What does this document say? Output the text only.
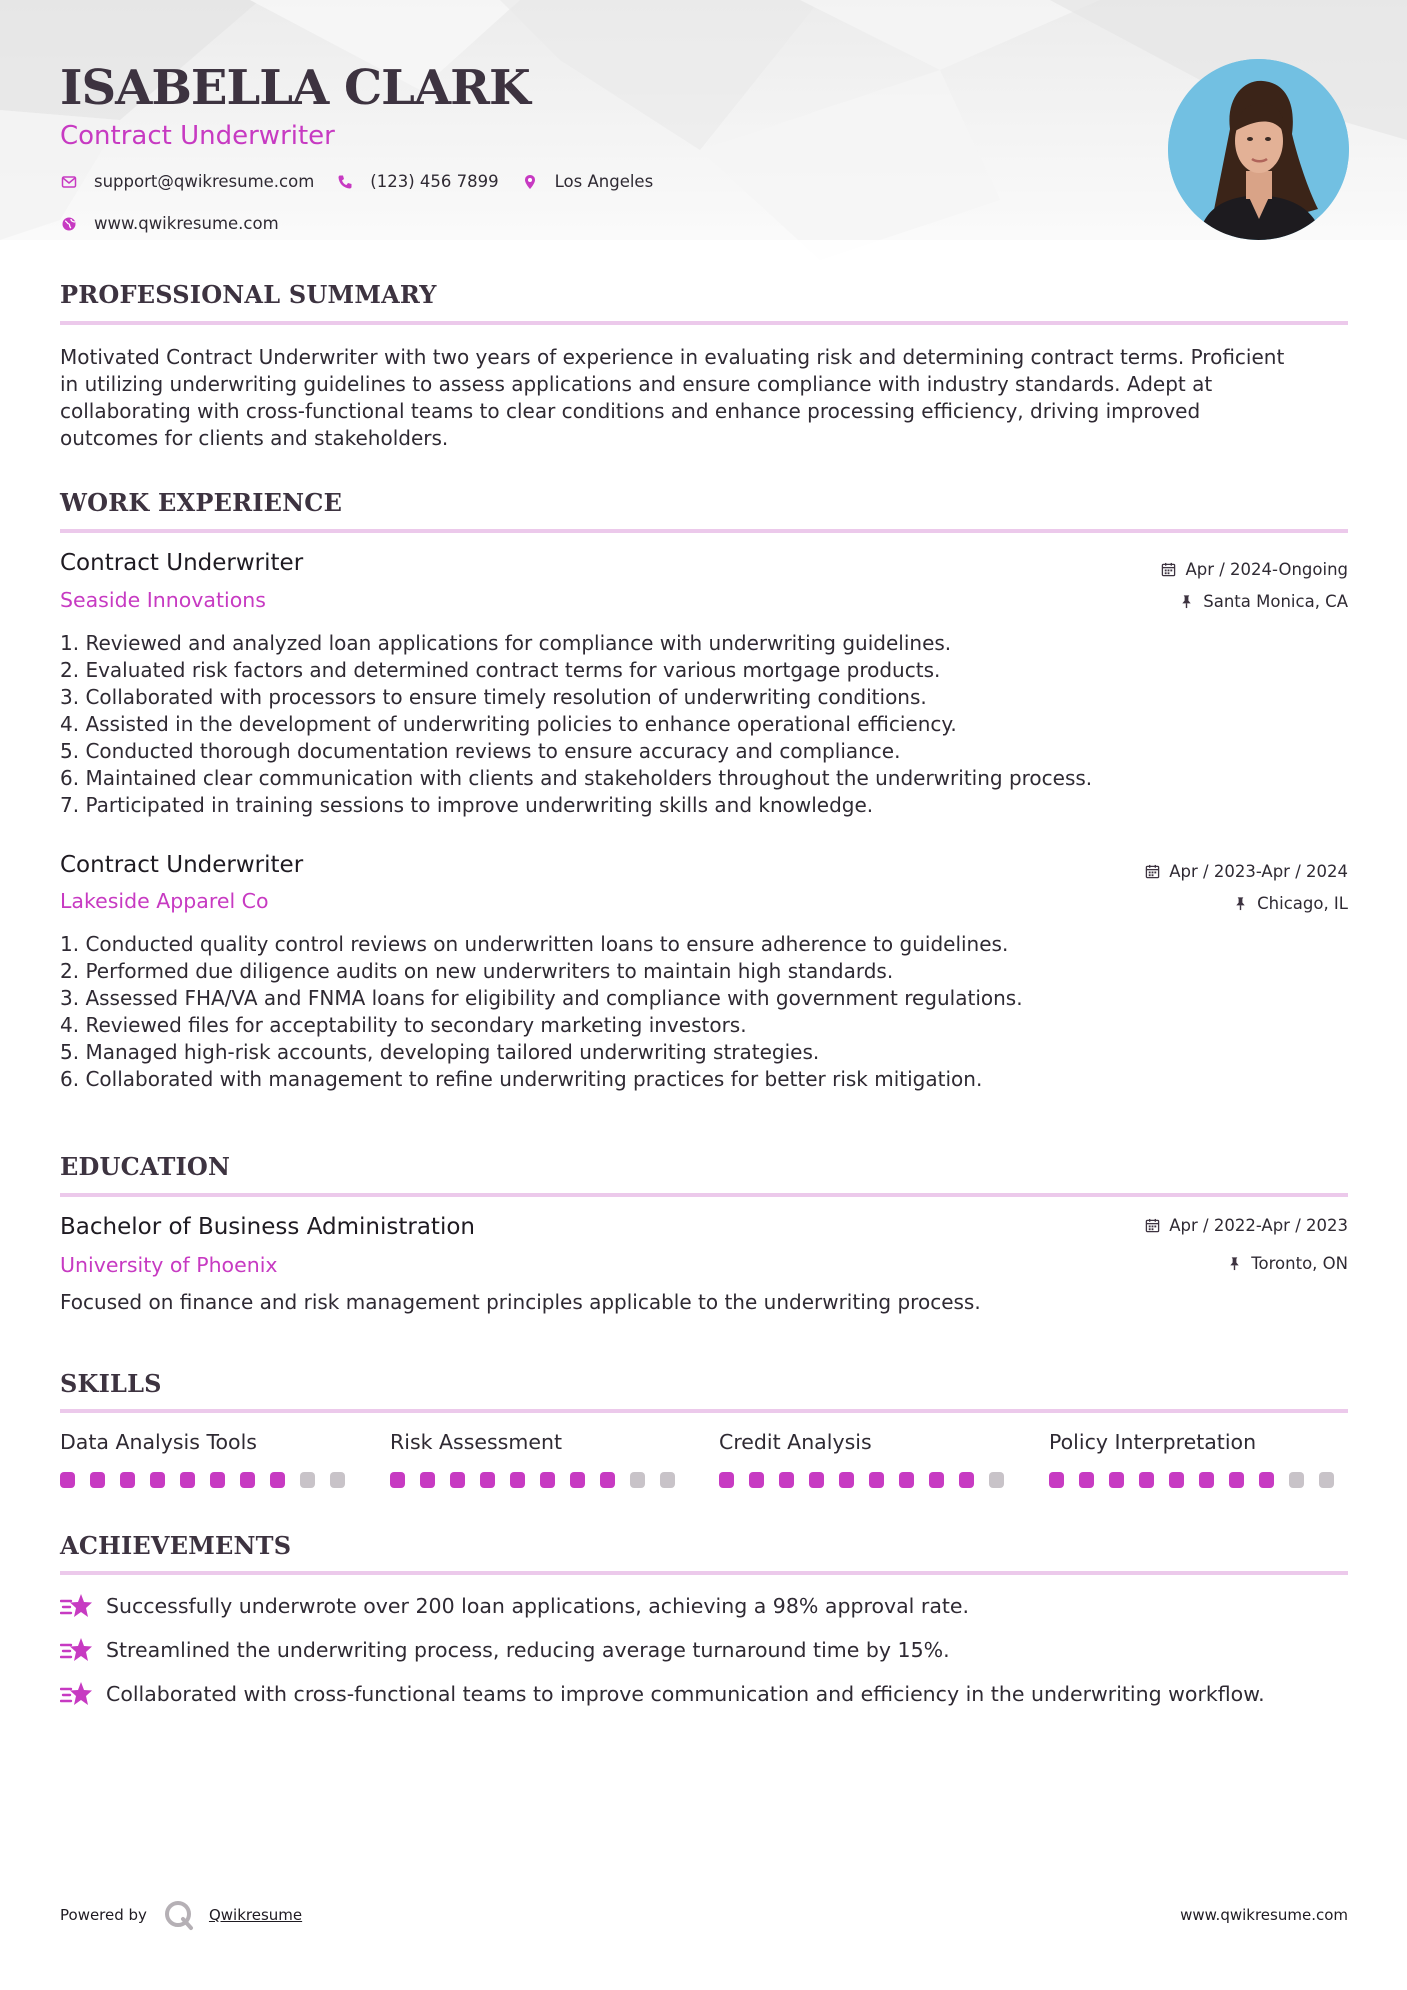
ISABELLA CLARK
Contract Underwriter
support@qwikresume.com	(123) 456 7899	Los Angeles
www.qwikresume.com
PROFESSIONAL SUMMARY
Motivated Contract Underwriter with two years of experience in evaluating risk and determining contract terms. Proficient
in utilizing underwriting guidelines to assess applications and ensure compliance with industry standards. Adept at
collaborating with cross-functional teams to clear conditions and enhance processing efficiency, driving improved
outcomes for clients and stakeholders.
WORK EXPERIENCE
Contract Underwriter
Seaside Innovations
Apr / 2024-Ongoing
Santa Monica, CA
1. Reviewed and analyzed loan applications for compliance with underwriting guidelines.
2. Evaluated risk factors and determined contract terms for various mortgage products.
3. Collaborated with processors to ensure timely resolution of underwriting conditions.
4. Assisted in the development of underwriting policies to enhance operational efficiency.
5. Conducted thorough documentation reviews to ensure accuracy and compliance.
6. Maintained clear communication with clients and stakeholders throughout the underwriting process.
7. Participated in training sessions to improve underwriting skills and knowledge.
Contract Underwriter
Lakeside Apparel Co
Apr / 2023-Apr / 2024
Chicago, IL
1. Conducted quality control reviews on underwritten loans to ensure adherence to guidelines.
2. Performed due diligence audits on new underwriters to maintain high standards.
3. Assessed FHA/VA and FNMA loans for eligibility and compliance with government regulations.
4. Reviewed files for acceptability to secondary marketing investors.
5. Managed high-risk accounts, developing tailored underwriting strategies.
6. Collaborated with management to refine underwriting practices for better risk mitigation.
EDUCATION
Bachelor of Business Administration
University of Phoenix
Apr / 2022-Apr / 2023
Toronto, ON
Focused on finance and risk management principles applicable to the underwriting process.
SKILLS
Data Analysis Tools	Risk Assessment	Credit Analysis	Policy Interpretation
ACHIEVEMENTS
Successfully underwrote over 200 loan applications, achieving a 98% approval rate.
Streamlined the underwriting process, reducing average turnaround time by 15%.
Collaborated with cross-functional teams to improve communication and efficiency in the underwriting workflow.
Powered by	Qwikresume	www.qwikresume.com
